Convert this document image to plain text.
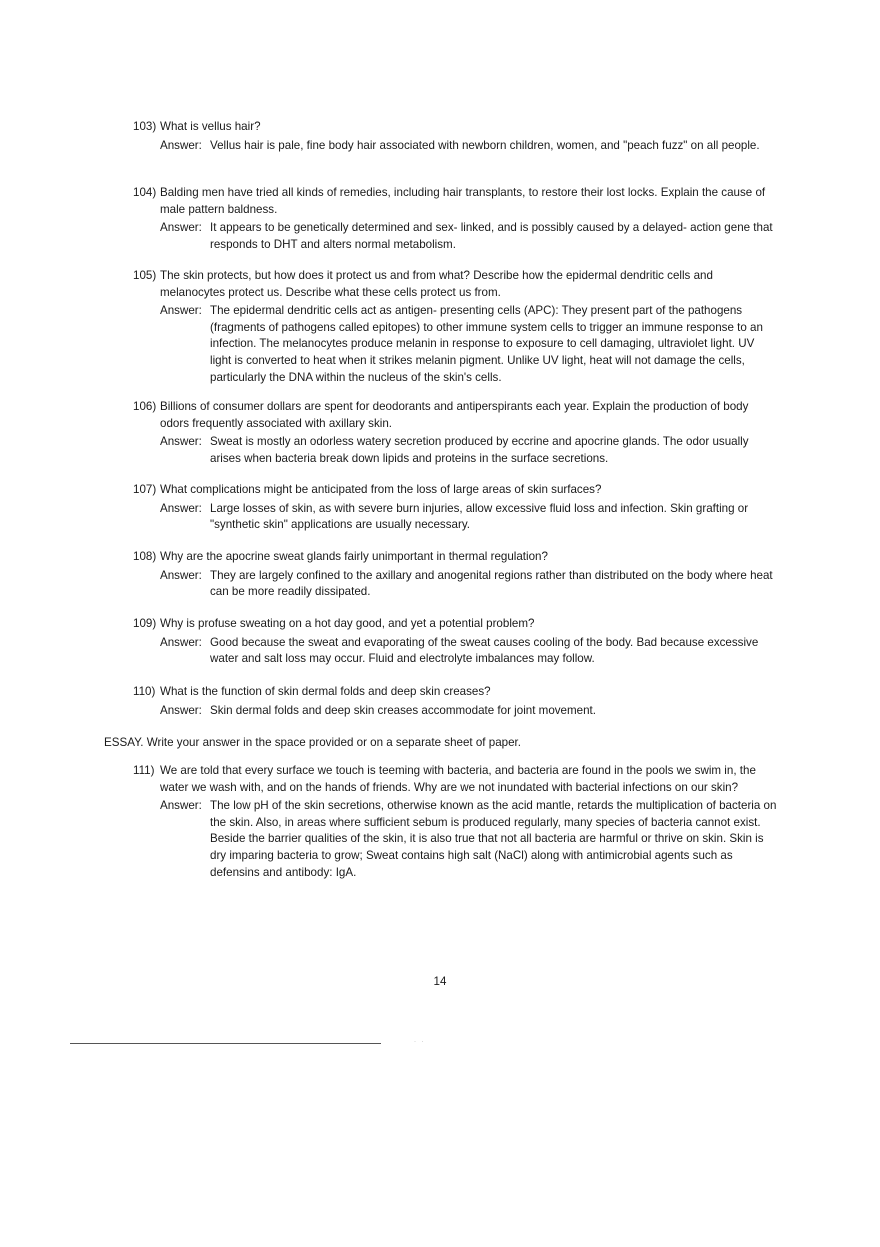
103) What is vellus hair?
Answer: Vellus hair is pale, fine body hair associated with newborn children, women, and "peach fuzz" on all people.
104) Balding men have tried all kinds of remedies, including hair transplants, to restore their lost locks. Explain the cause of male pattern baldness.
Answer: It appears to be genetically determined and sex- linked, and is possibly caused by a delayed- action gene that responds to DHT and alters normal metabolism.
105) The skin protects, but how does it protect us and from what? Describe how the epidermal dendritic cells and melanocytes protect us. Describe what these cells protect us from.
Answer: The epidermal dendritic cells act as antigen- presenting cells (APC): They present part of the pathogens (fragments of pathogens called epitopes) to other immune system cells to trigger an immune response to an infection. The melanocytes produce melanin in response to exposure to cell damaging, ultraviolet light. UV light is converted to heat when it strikes melanin pigment. Unlike UV light, heat will not damage the cells, particularly the DNA within the nucleus of the skin's cells.
106) Billions of consumer dollars are spent for deodorants and antiperspirants each year. Explain the production of body odors frequently associated with axillary skin.
Answer: Sweat is mostly an odorless watery secretion produced by eccrine and apocrine glands. The odor usually arises when bacteria break down lipids and proteins in the surface secretions.
107) What complications might be anticipated from the loss of large areas of skin surfaces?
Answer: Large losses of skin, as with severe burn injuries, allow excessive fluid loss and infection. Skin grafting or "synthetic skin" applications are usually necessary.
108) Why are the apocrine sweat glands fairly unimportant in thermal regulation?
Answer: They are largely confined to the axillary and anogenital regions rather than distributed on the body where heat can be more readily dissipated.
109) Why is profuse sweating on a hot day good, and yet a potential problem?
Answer: Good because the sweat and evaporating of the sweat causes cooling of the body. Bad because excessive water and salt loss may occur. Fluid and electrolyte imbalances may follow.
110) What is the function of skin dermal folds and deep skin creases?
Answer: Skin dermal folds and deep skin creases accommodate for joint movement.
ESSAY. Write your answer in the space provided or on a separate sheet of paper.
111) We are told that every surface we touch is teeming with bacteria, and bacteria are found in the pools we swim in, the water we wash with, and on the hands of friends. Why are we not inundated with bacterial infections on our skin?
Answer: The low pH of the skin secretions, otherwise known as the acid mantle, retards the multiplication of bacteria on the skin. Also, in areas where sufficient sebum is produced regularly, many species of bacteria cannot exist. Beside the barrier qualities of the skin, it is also true that not all bacteria are harmful or thrive on skin. Skin is dry imparing bacteria to grow; Sweat contains high salt (NaCl) along with antimicrobial agents such as defensins and antibody: IgA.
14
· ·
